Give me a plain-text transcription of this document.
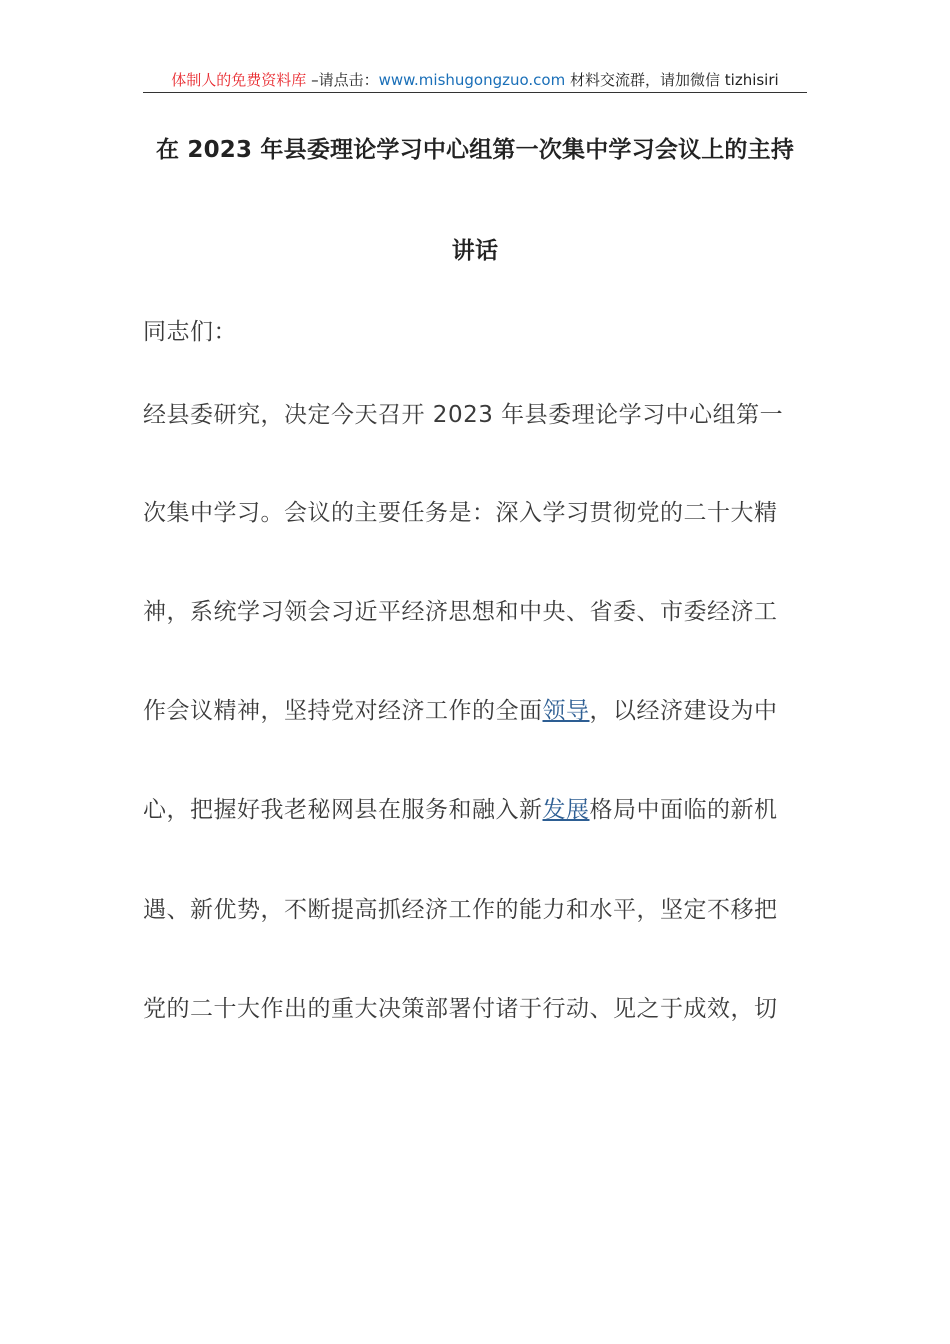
体制人的免费资料库 –请点击：www.mishugongzuo.com 材料交流群，请加微信 tizhisiri
在 2023 年县委理论学习中心组第一次集中学习会议上的主持
讲话
同志们：
经县委研究，决定今天召开 2023 年县委理论学习中心组第一
次集中学习。会议的主要任务是：深入学习贯彻党的二十大精
神，系统学习领会习近平经济思想和中央、省委、市委经济工
作会议精神，坚持党对经济工作的全面领导，以经济建设为中
心，把握好我老秘网县在服务和融入新发展格局中面临的新机
遇、新优势，不断提高抓经济工作的能力和水平，坚定不移把
党的二十大作出的重大决策部署付诸于行动、见之于成效，切
